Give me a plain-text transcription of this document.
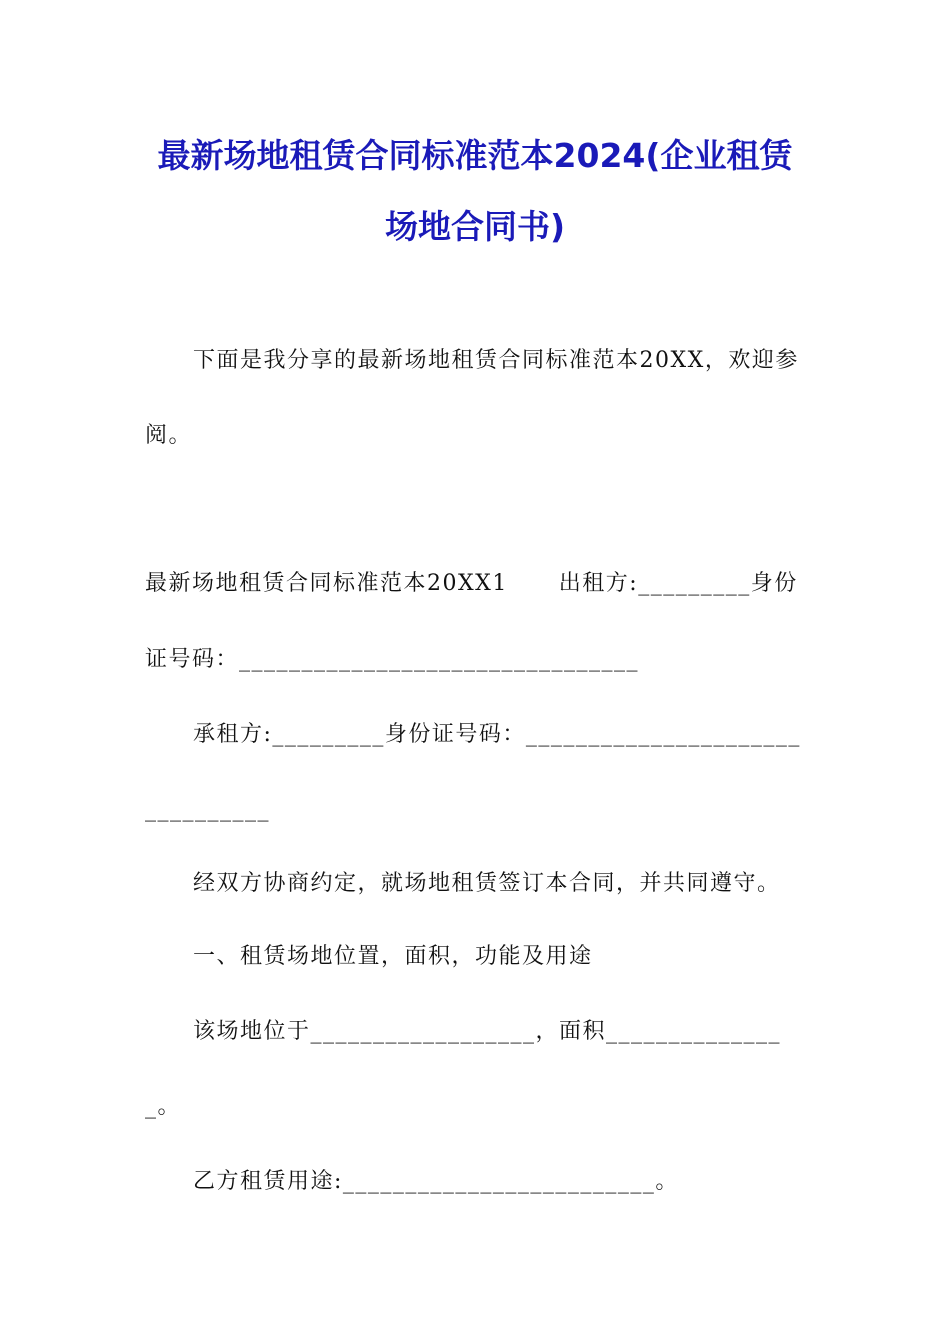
最新场地租赁合同标准范本2024(企业租赁
场地合同书)
下面是我分享的最新场地租赁合同标准范本20XX，欢迎参
阅。
最新场地租赁合同标准范本20XX1      出租方:_________身份
证号码：________________________________
承租方:_________身份证号码：______________________
__________
经双方协商约定，就场地租赁签订本合同，并共同遵守。
一、租赁场地位置，面积，功能及用途
该场地位于__________________，面积______________
_。
乙方租赁用途:_________________________。
